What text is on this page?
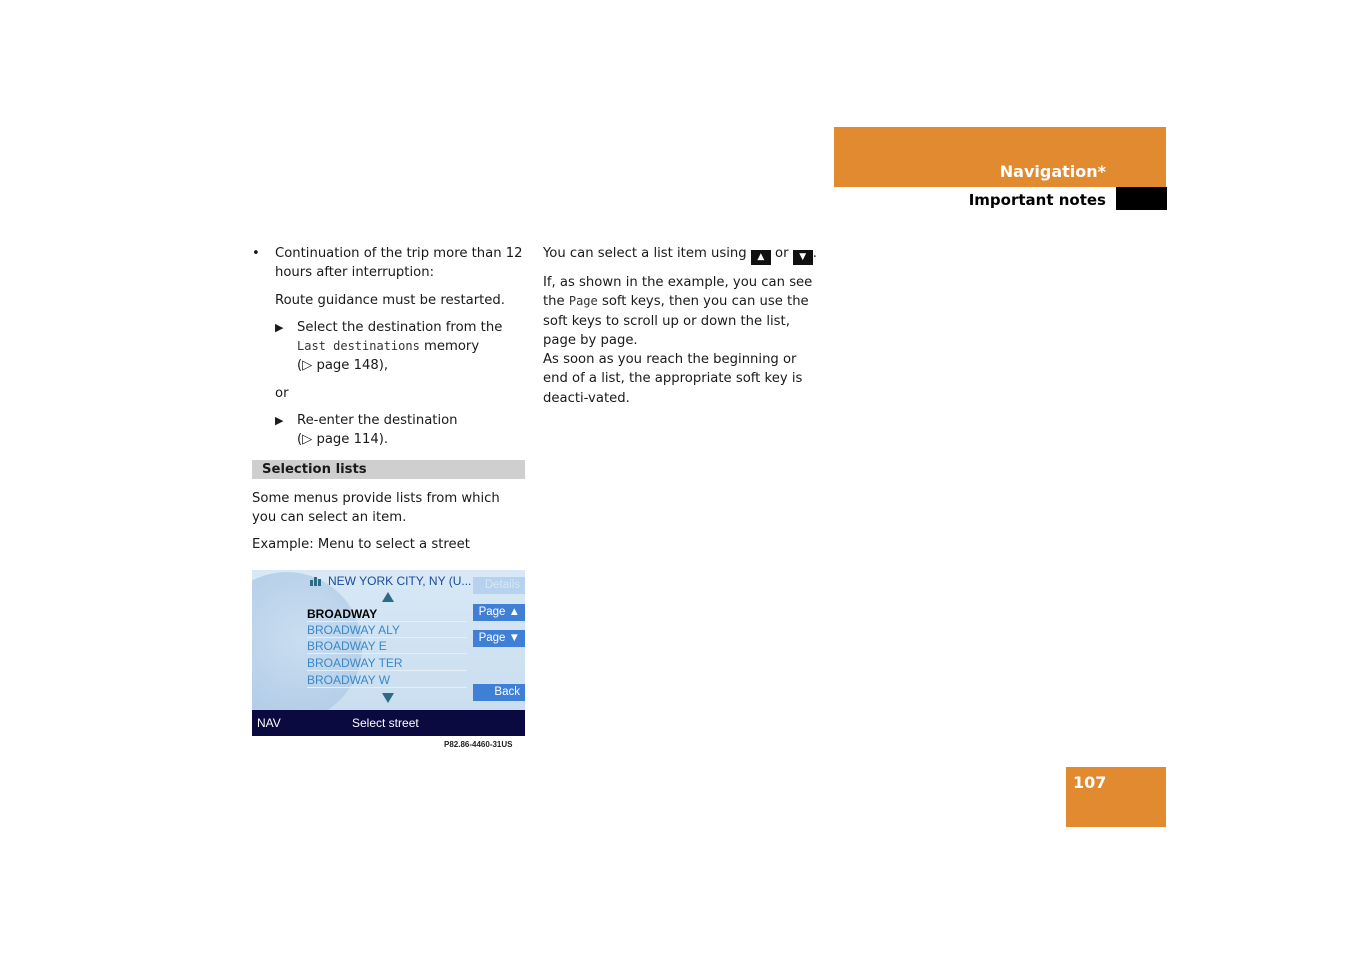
Navigation*
Important notes

• Continuation of the trip more than 12 hours after interruption:

Route guidance must be restarted.

▶ Select the destination from the
Last destinations memory
(▷ page 148),

or

▶ Re-enter the destination
(▷ page 114).

Selection lists

Some menus provide lists from which you can select an item.

Example: Menu to select a street

NEW YORK CITY, NY (U...
BROADWAY
BROADWAY ALY
BROADWAY E
BROADWAY TER
BROADWAY W
Details
Page ▲
Page ▼
Back
NAV	Select street
P82.86-4460-31US

You can select a list item using ▲ or ▼ .

If, as shown in the example, you can see the Page soft keys, then you can use the soft keys to scroll up or down the list, page by page.

As soon as you reach the beginning or end of a list, the appropriate soft key is deacti-vated.

107
